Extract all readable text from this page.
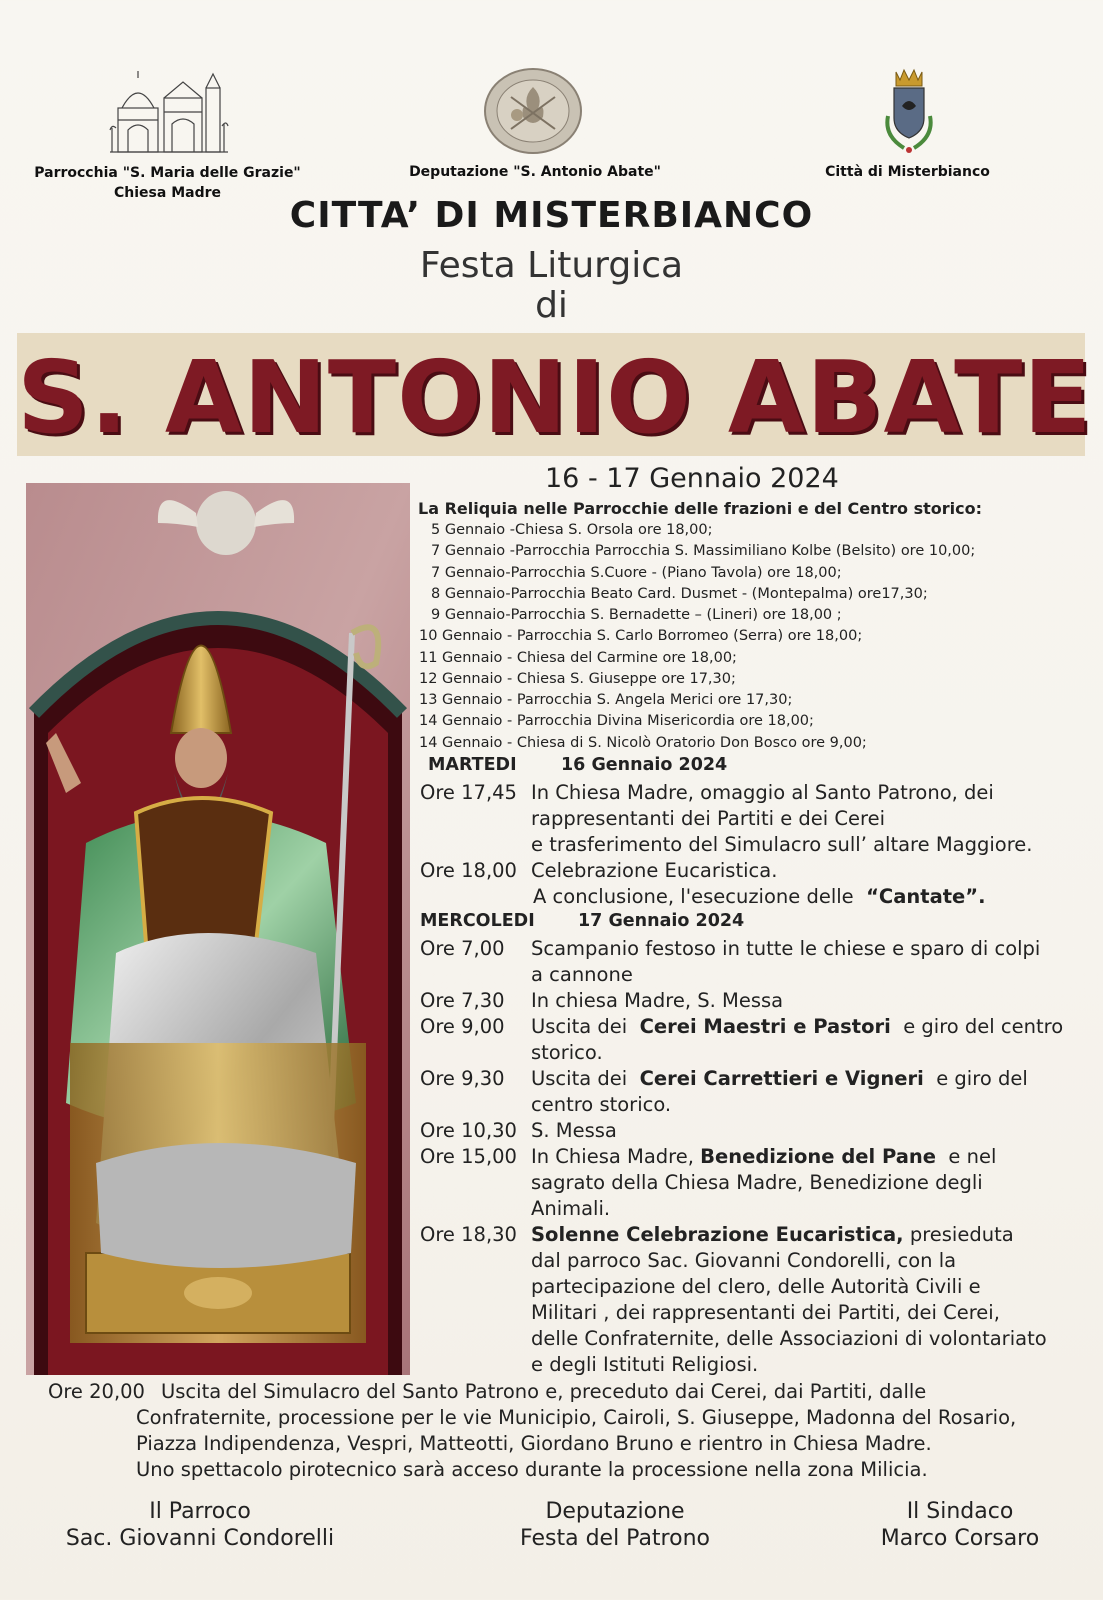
Parrocchia "S. Maria delle Grazie"
Chiesa Madre
Deputazione "S. Antonio Abate"	Città di Misterbianco
CITTA’ DI MISTERBIANCO
Festa Liturgica
di
S. ANTONIO ABATE
16 - 17 Gennaio 2024
La Reliquia nelle Parrocchie delle frazioni e del Centro storico:
5 Gennaio -Chiesa S. Orsola ore 18,00;
7 Gennaio -Parrocchia Parrocchia S. Massimiliano Kolbe (Belsito) ore 10,00;
7 Gennaio-Parrocchia S.Cuore - (Piano Tavola) ore 18,00;
8 Gennaio-Parrocchia Beato Card. Dusmet - (Montepalma) ore17,30;
9 Gennaio-Parrocchia S. Bernadette – (Lineri) ore 18,00 ;
10 Gennaio - Parrocchia S. Carlo Borromeo (Serra) ore 18,00;
11 Gennaio - Chiesa del Carmine ore 18,00;
12 Gennaio - Chiesa S. Giuseppe ore 17,30;
13 Gennaio - Parrocchia S. Angela Merici ore 17,30;
14 Gennaio - Parrocchia Divina Misericordia ore 18,00;
14 Gennaio - Chiesa di S. Nicolò Oratorio Don Bosco ore 9,00;
MARTEDI	16 Gennaio 2024
Ore 17,45 In Chiesa Madre, omaggio al Santo Patrono, dei
rappresentanti dei Partiti e dei Cerei
e trasferimento del Simulacro sull’ altare Maggiore.
Ore 18,00 Celebrazione Eucaristica.
A conclusione, l'esecuzione delle “Cantate”.
MERCOLEDI 17 Gennaio 2024
Ore 7,00 Scampanio festoso in tutte le chiese e sparo di colpi
a cannone
Ore 7,30 In chiesa Madre, S. Messa
Ore 9,00 Uscita dei Cerei Maestri e Pastori e giro del centro
storico.
Ore 9,30 Uscita dei Cerei Carrettieri e Vigneri e giro del
centro storico.
Ore 10,30 S. Messa
Ore 15,00 In Chiesa Madre, Benedizione del Pane e nel
sagrato della Chiesa Madre, Benedizione degli
Animali.
Ore 18,30 Solenne Celebrazione Eucaristica, presieduta
dal parroco Sac. Giovanni Condorelli, con la
partecipazione del clero, delle Autorità Civili e
Militari , dei rappresentanti dei Partiti, dei Cerei,
delle Confraternite, delle Associazioni di volontariato
e degli Istituti Religiosi.
Ore 20,00 Uscita del Simulacro del Santo Patrono e, preceduto dai Cerei, dai Partiti, dalle
Confraternite, processione per le vie Municipio, Cairoli, S. Giuseppe, Madonna del Rosario,
Piazza Indipendenza, Vespri, Matteotti, Giordano Bruno e rientro in Chiesa Madre.
Uno spettacolo pirotecnico sarà acceso durante la processione nella zona Milicia.
Il Parroco
Sac. Giovanni Condorelli
Deputazione
Festa del Patrono
Il Sindaco
Marco Corsaro
